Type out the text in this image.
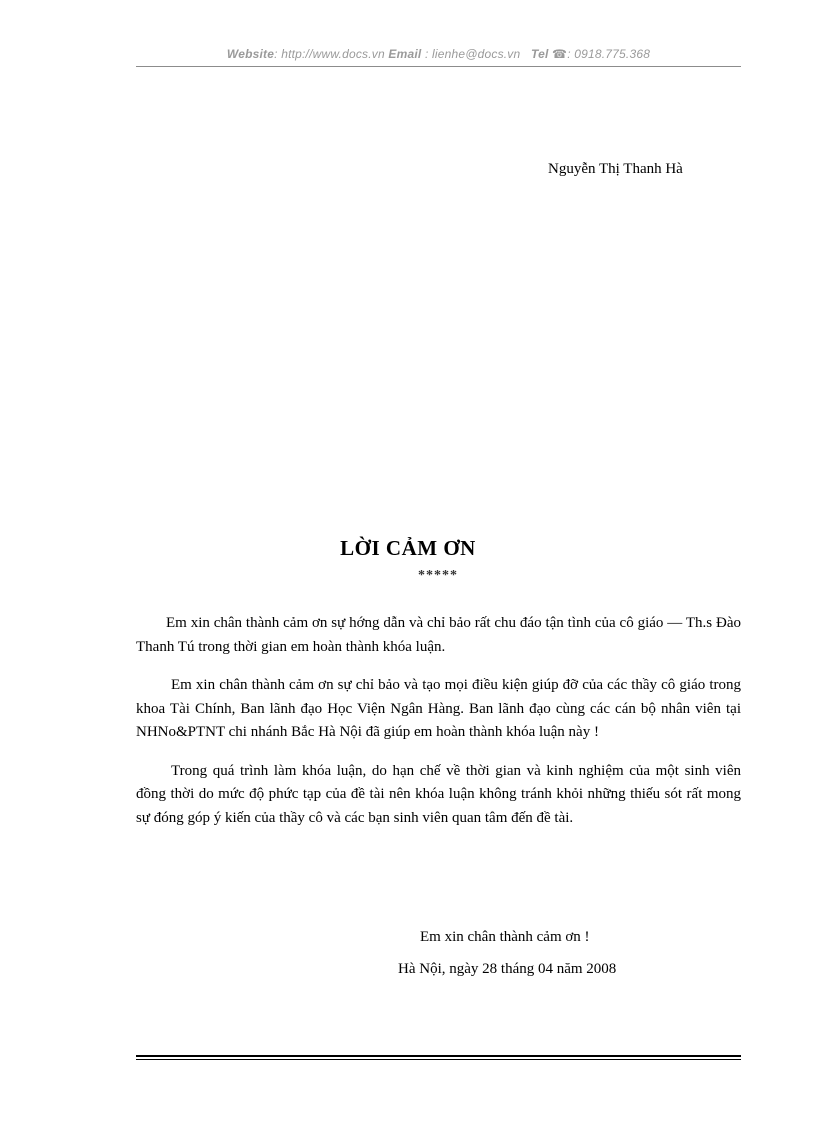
Website: http://www.docs.vn Email : lienhe@docs.vn Tel ☎: 0918.775.368
Nguyễn Thị Thanh Hà
LỜI CẢM ƠN
*****

Em xin chân thành cảm ơn sự hớng dẫn và chỉ bảo rất chu đáo tận tình của cô giáo — Th.s Đào Thanh Tú trong thời gian em hoàn thành khóa luận.

Em xin chân thành cảm ơn sự chỉ bảo và tạo mọi điều kiện giúp đỡ của các thầy cô giáo trong khoa Tài Chính, Ban lãnh đạo Học Viện Ngân Hàng. Ban lãnh đạo cùng các cán bộ nhân viên tại NHNo&PTNT chi nhánh Bắc Hà Nội đã giúp em hoàn thành khóa luận này !

Trong quá trình làm khóa luận, do hạn chế về thời gian và kinh nghiệm của một sinh viên đồng thời do mức độ phức tạp của đề tài nên khóa luận không tránh khỏi những thiếu sót rất mong sự đóng góp ý kiến của thầy cô và các bạn sinh viên quan tâm đến đề tài.

Em xin chân thành cảm ơn !
Hà Nội, ngày 28 tháng 04 năm 2008
